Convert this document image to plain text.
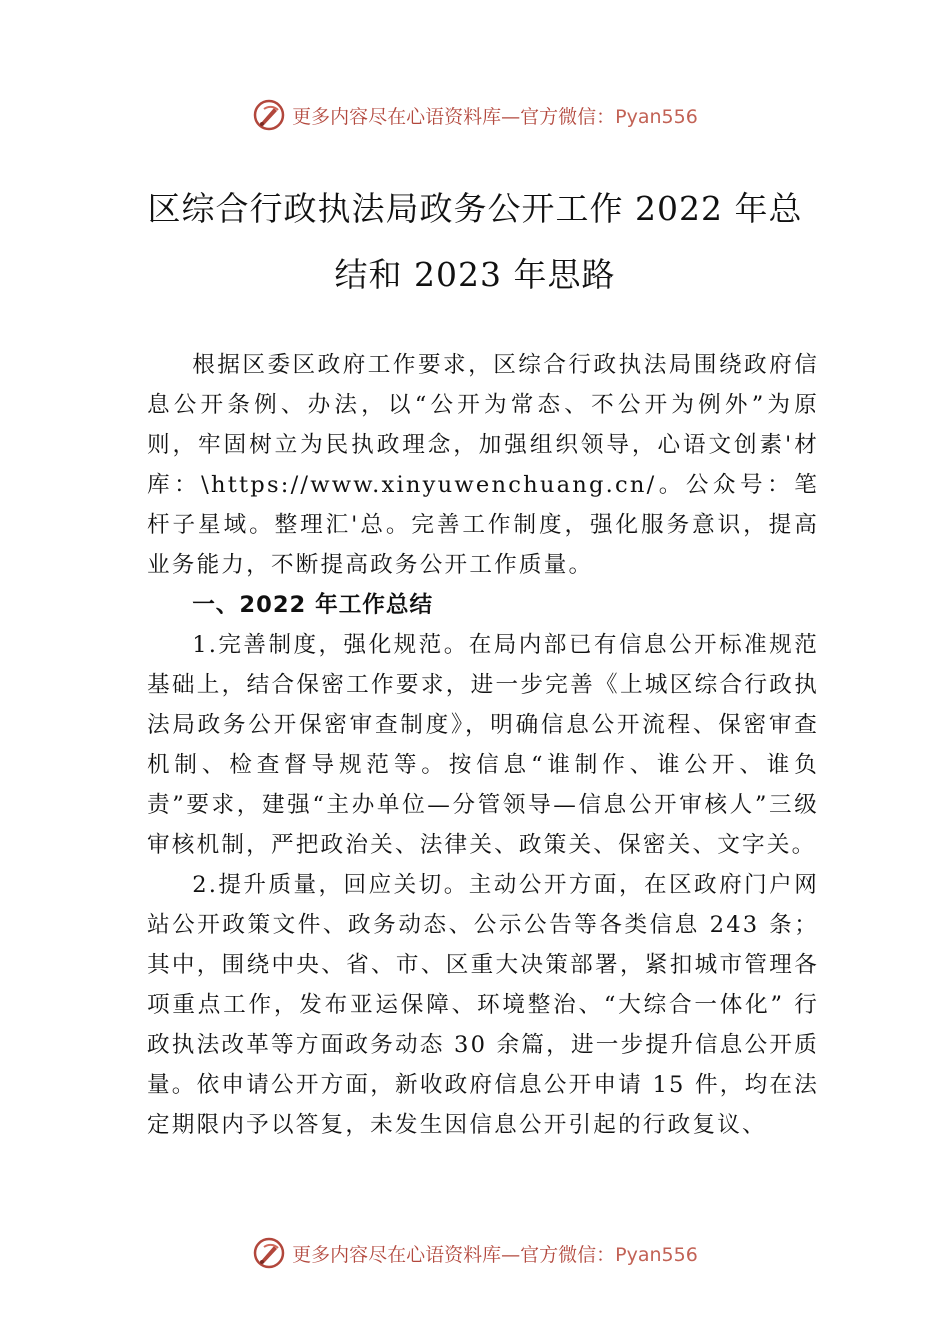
更多内容尽在心语资料库—官方微信：Pyan556
区综合行政执法局政务公开工作 2022 年总
结和 2023 年思路

根据区委区政府工作要求，区综合行政执法局围绕政府信息公开条例、办法，以“公开为常态、不公开为例外”为原则，牢固树立为民执政理念，加强组织领导，心语文创素'材库：\https://www.xinyuwenchuang.cn/。公众号：笔杆子星域。整理汇'总。完善工作制度，强化服务意识，提高业务能力，不断提高政务公开工作质量。

一、2022 年工作总结

1.完善制度，强化规范。在局内部已有信息公开标准规范基础上，结合保密工作要求，进一步完善《上城区综合行政执法局政务公开保密审查制度》，明确信息公开流程、保密审查机制、检查督导规范等。按信息“谁制作、谁公开、谁负责”要求，建强“主办单位—分管领导—信息公开审核人”三级审核机制，严把政治关、法律关、政策关、保密关、文字关。

2.提升质量，回应关切。主动公开方面，在区政府门户网站公开政策文件、政务动态、公示公告等各类信息 243 条； 其中，围绕中央、省、市、区重大决策部署，紧扣城市管理各项重点工作，发布亚运保障、环境整治、“大综合一体化” 行政执法改革等方面政务动态 30 余篇，进一步提升信息公开质量。依申请公开方面，新收政府信息公开申请 15 件，均在法定期限内予以答复，未发生因信息公开引起的行政复议、

更多内容尽在心语资料库—官方微信：Pyan556
